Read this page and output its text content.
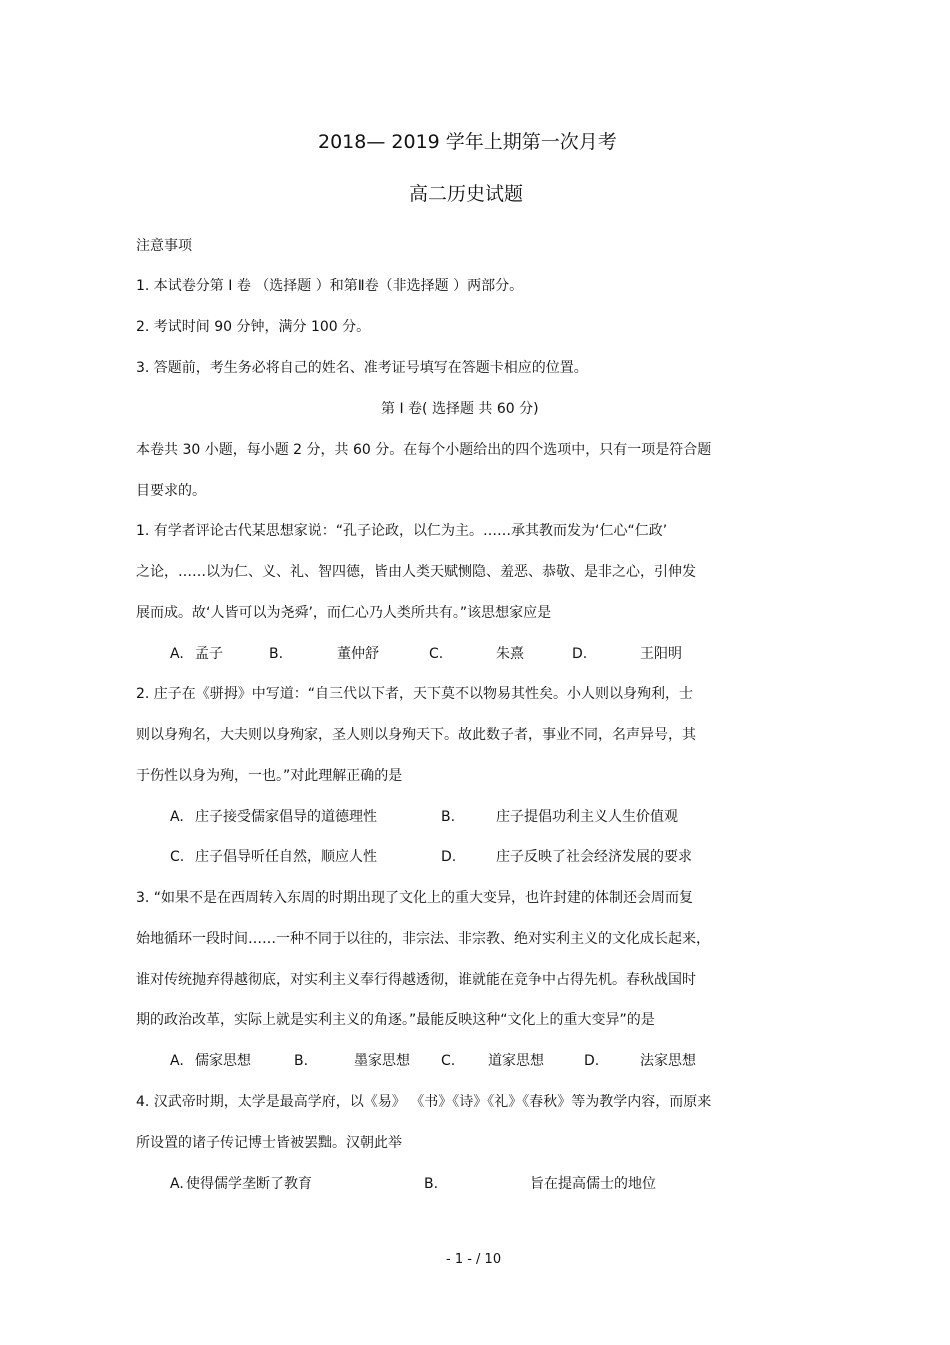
2018— 2019 学年上期第一次月考
高二历史试题
注意事项
1. 本试卷分第 I 卷 （选择题 ）和第Ⅱ卷（非选择题 ）两部分。
2. 考试时间 90 分钟，满分 100 分。
3. 答题前，考生务必将自己的姓名、准考证号填写在答题卡相应的位置。
第 I 卷( 选择题 共 60 分)
本卷共 30 小题，每小题 2 分，共 60 分。在每个小题给出的四个选项中，只有一项是符合题
目要求的。
1. 有学者评论古代某思想家说：“孔子论政，以仁为主。……承其教而发为‘仁心“仁政’
之论，……以为仁、义、礼、智四德，皆由人类天赋恻隐、羞恶、恭敬、是非之心，引伸发
展而成。故‘人皆可以为尧舜’，而仁心乃人类所共有。”该思想家应是
A. 孟子	B.	董仲舒	C.	朱熹	D.	王阳明
2. 庄子在《骈拇》中写道：“自三代以下者，天下莫不以物易其性矣。小人则以身殉利，士
则以身殉名，大夫则以身殉家，圣人则以身殉天下。故此数子者，事业不同，名声异号，其
于伤性以身为殉，一也。”对此理解正确的是
A. 庄子接受儒家倡导的道德理性	B.	庄子提倡功利主义人生价值观
C. 庄子倡导听任自然，顺应人性	D.	庄子反映了社会经济发展的要求
3. “如果不是在西周转入东周的时期出现了文化上的重大变异，也许封建的体制还会周而复
始地循环一段时间……一种不同于以往的，非宗法、非宗教、绝对实利主义的文化成长起来，
谁对传统抛弃得越彻底，对实利主义奉行得越透彻，谁就能在竞争中占得先机。春秋战国时
期的政治改革，实际上就是实利主义的角逐。”最能反映这种“文化上的重大变异”的是
A. 儒家思想	B.	墨家思想 C. 道家思想	D.	法家思想
4. 汉武帝时期，太学是最高学府，以《易》 《书》《诗》《礼》《春秋》等为教学内容，而原来
所设置的诸子传记博士皆被罢黜。汉朝此举
A. 使得儒学垄断了教育	B.	旨在提高儒士的地位
- 1 - / 10
